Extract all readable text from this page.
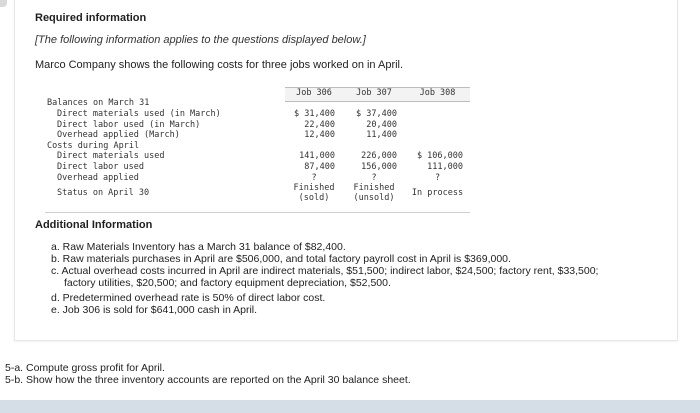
Required information
[The following information applies to the questions displayed below.]
Marco Company shows the following costs for three jobs worked on in April.
Job 306	Job 307	Job 308
Balances on March 31
Direct materials used (in March)
Direct labor used (in March)
Overhead applied (March)
Costs during April
Direct materials used
Direct labor used
Overhead applied
Status on April 30
$ 31,400
22,400
12,400
141,000
87,400
?
Finished
(sold)
$ 37,400
20,400
11,400
226,000
156,000
?
Finished
(unsold)
$ 106,000
111,000
?
In process
Additional Information
a. Raw Materials Inventory has a March 31 balance of $82,400.
b. Raw materials purchases in April are $506,000, and total factory payroll cost in April is $369,000.
c. Actual overhead costs incurred in April are indirect materials, $51,500; indirect labor, $24,500; factory rent, $33,500;
factory utilities, $20,500; and factory equipment depreciation, $52,500.
d. Predetermined overhead rate is 50% of direct labor cost.
e. Job 306 is sold for $641,000 cash in April.
5-a. Compute gross profit for April.
5-b. Show how the three inventory accounts are reported on the April 30 balance sheet.
